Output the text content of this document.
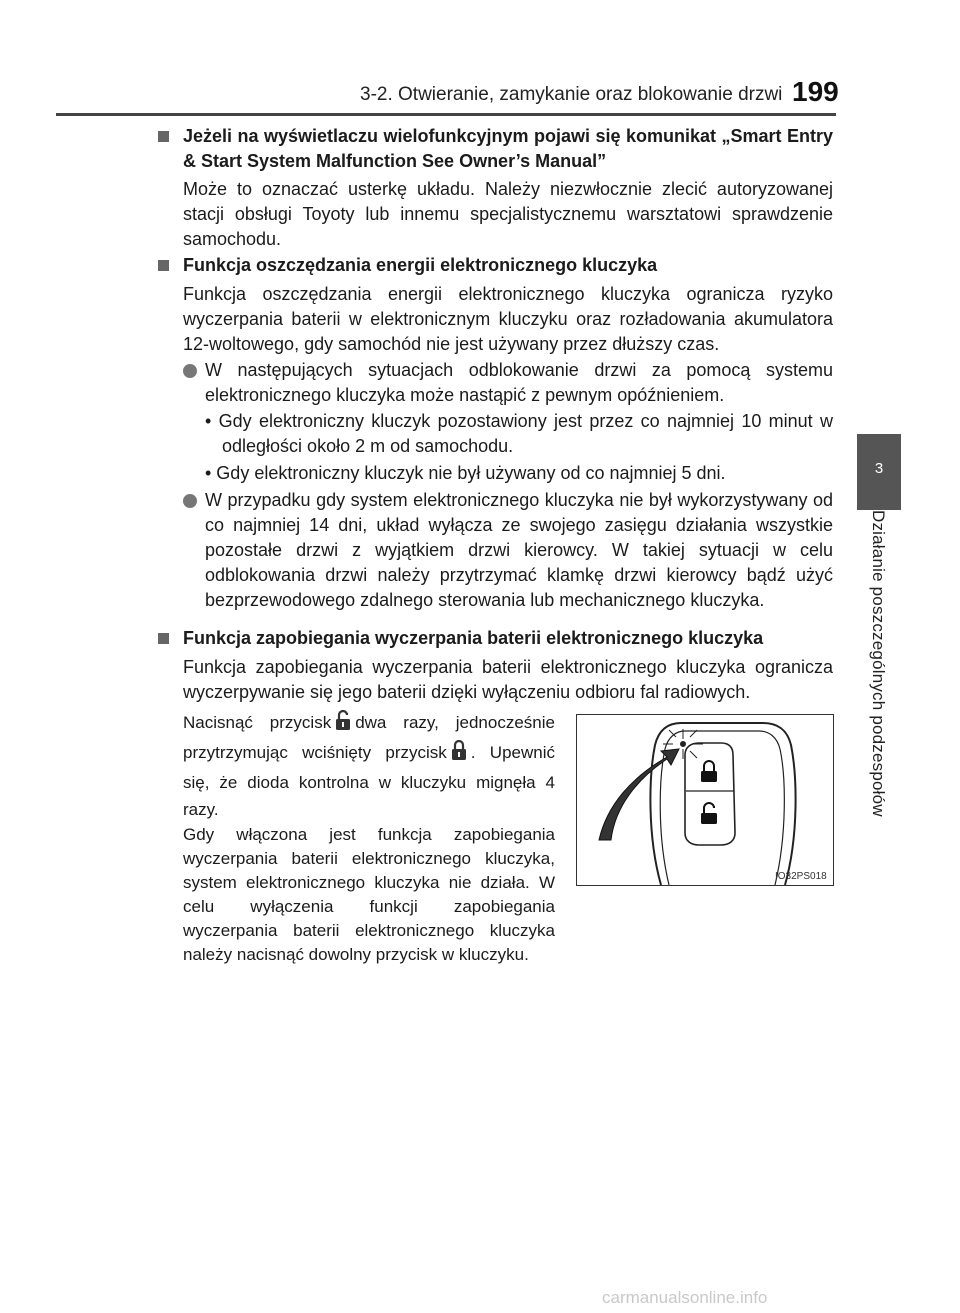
3-2. Otwieranie, zamykanie oraz blokowanie drzwi 199
3
Działanie poszczególnych podzespołów
Jeżeli na wyświetlaczu wielofunkcyjnym pojawi się komunikat „Smart Entry & Start System Malfunction See Owner’s Manual”
Może to oznaczać usterkę układu. Należy niezwłocznie zlecić autoryzowanej stacji obsługi Toyoty lub innemu specjalistycznemu warsztatowi sprawdzenie samochodu.
Funkcja oszczędzania energii elektronicznego kluczyka
Funkcja oszczędzania energii elektronicznego kluczyka ogranicza ryzyko wyczerpania baterii w elektronicznym kluczyku oraz rozładowania akumulatora 12-woltowego, gdy samochód nie jest używany przez dłuższy czas.
W następujących sytuacjach odblokowanie drzwi za pomocą systemu elektronicznego kluczyka może nastąpić z pewnym opóźnieniem.
• Gdy elektroniczny kluczyk pozostawiony jest przez co najmniej 10 minut w odległości około 2 m od samochodu.
• Gdy elektroniczny kluczyk nie był używany od co najmniej 5 dni.
W przypadku gdy system elektronicznego kluczyka nie był wykorzystywany od co najmniej 14 dni, układ wyłącza ze swojego zasięgu działania wszystkie pozostałe drzwi z wyjątkiem drzwi kierowcy. W takiej sytuacji w celu odblokowania drzwi należy przytrzymać klamkę drzwi kierowcy bądź użyć bezprzewodowego zdalnego sterowania lub mechanicznego kluczyka.
Funkcja zapobiegania wyczerpania baterii elektronicznego kluczyka
Funkcja zapobiegania wyczerpania baterii elektronicznego kluczyka ogranicza wyczerpywanie się jego baterii dzięki wyłączeniu odbioru fal radiowych.
Nacisnąć przycisk dwa razy, jednocześnie przytrzymując wciśnięty przycisk . Upewnić się, że dioda kontrolna w kluczyku mignęła 4 razy.
Gdy włączona jest funkcja zapobiegania wyczerpania baterii elektronicznego kluczyka, system elektronicznego kluczyka nie działa. W celu wyłączenia funkcji zapobiegania wyczerpania baterii elektronicznego kluczyka należy nacisnąć dowolny przycisk w kluczyku.
IO32PS018
carmanualsonline.info
